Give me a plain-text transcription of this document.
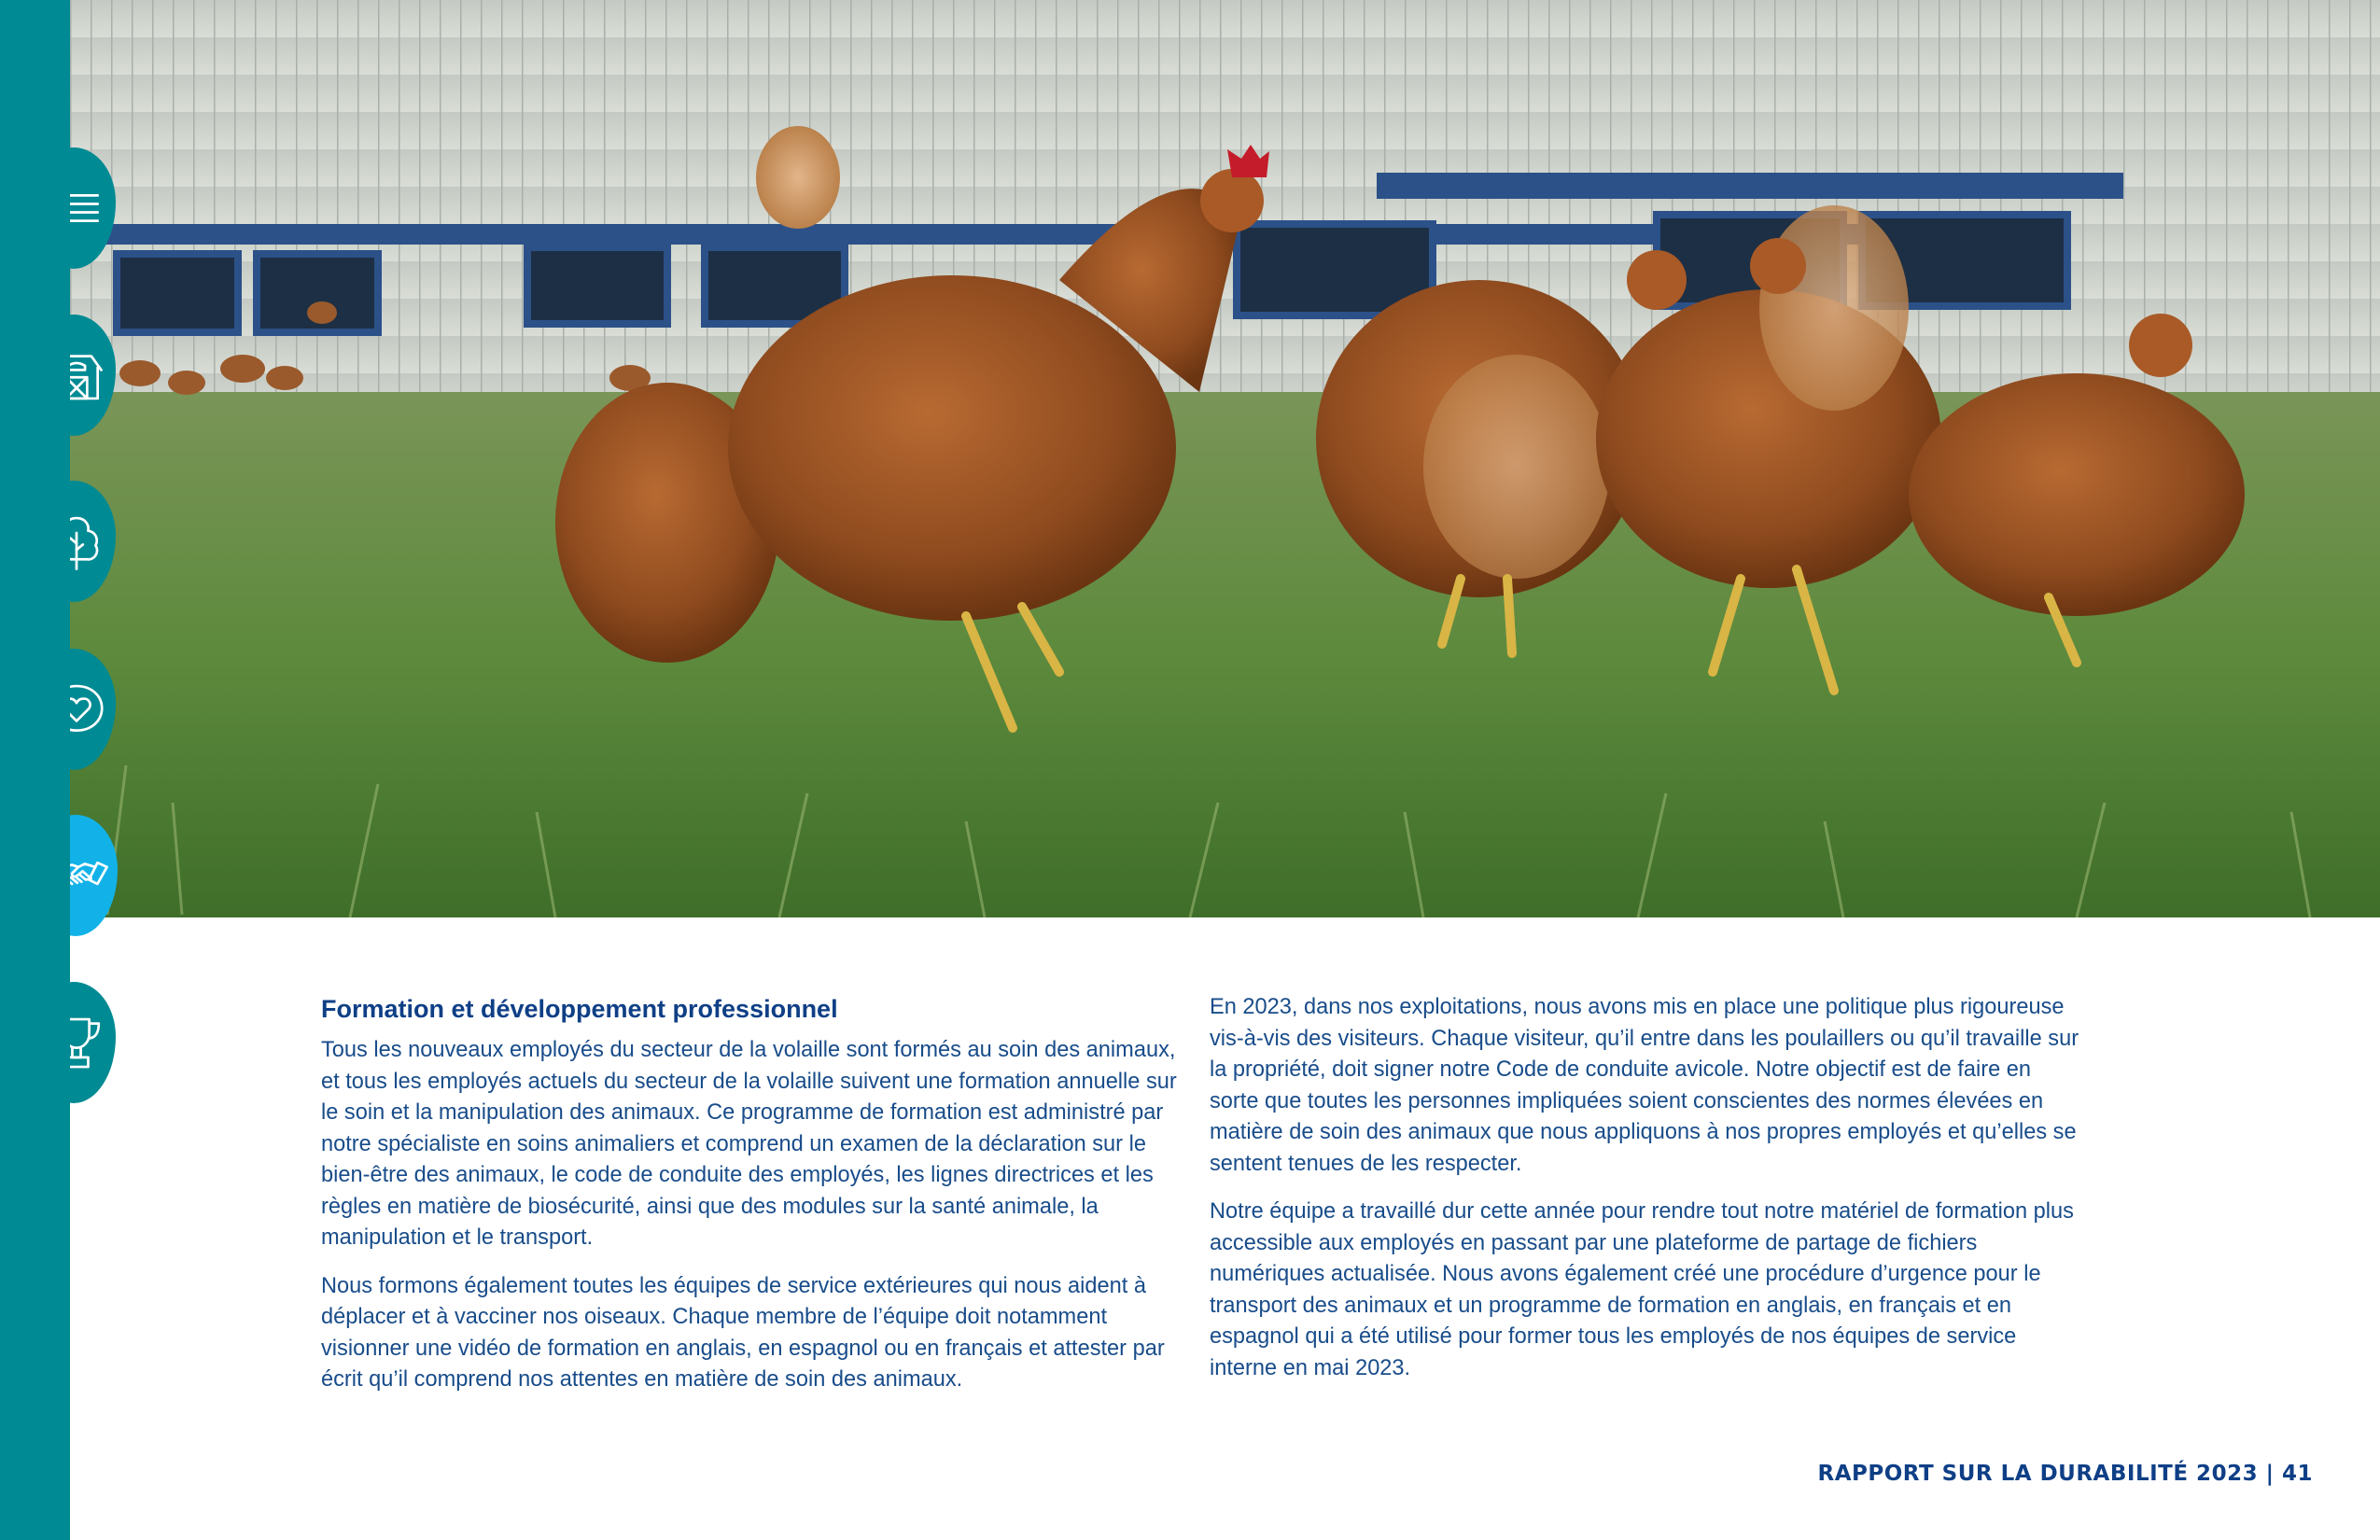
Formation et développement professionnel

Tous les nouveaux employés du secteur de la volaille sont formés au soin des animaux, et tous les employés actuels du secteur de la volaille suivent une formation annuelle sur le soin et la manipulation des animaux. Ce programme de formation est administré par notre spécialiste en soins animaliers et comprend un examen de la déclaration sur le bien-être des animaux, le code de conduite des employés, les lignes directrices et les règles en matière de biosécurité, ainsi que des modules sur la santé animale, la manipulation et le transport.

Nous formons également toutes les équipes de service extérieures qui nous aident à déplacer et à vacciner nos oiseaux. Chaque membre de l’équipe doit notamment visionner une vidéo de formation en anglais, en espagnol ou en français et attester par écrit qu’il comprend nos attentes en matière de soin des animaux.

En 2023, dans nos exploitations, nous avons mis en place une politique plus rigoureuse vis-à-vis des visiteurs. Chaque visiteur, qu’il entre dans les poulaillers ou qu’il travaille sur la propriété, doit signer notre Code de conduite avicole. Notre objectif est de faire en sorte que toutes les personnes impliquées soient conscientes des normes élevées en matière de soin des animaux que nous appliquons à nos propres employés et qu’elles se sentent tenues de les respecter.

Notre équipe a travaillé dur cette année pour rendre tout notre matériel de formation plus accessible aux employés en passant par une plateforme de partage de fichiers numériques actualisée. Nous avons également créé une procédure d’urgence pour le transport des animaux et un programme de formation en anglais, en français et en espagnol qui a été utilisé pour former tous les employés de nos équipes de service interne en mai 2023.

RAPPORT SUR LA DURABILITÉ 2023 | 41
